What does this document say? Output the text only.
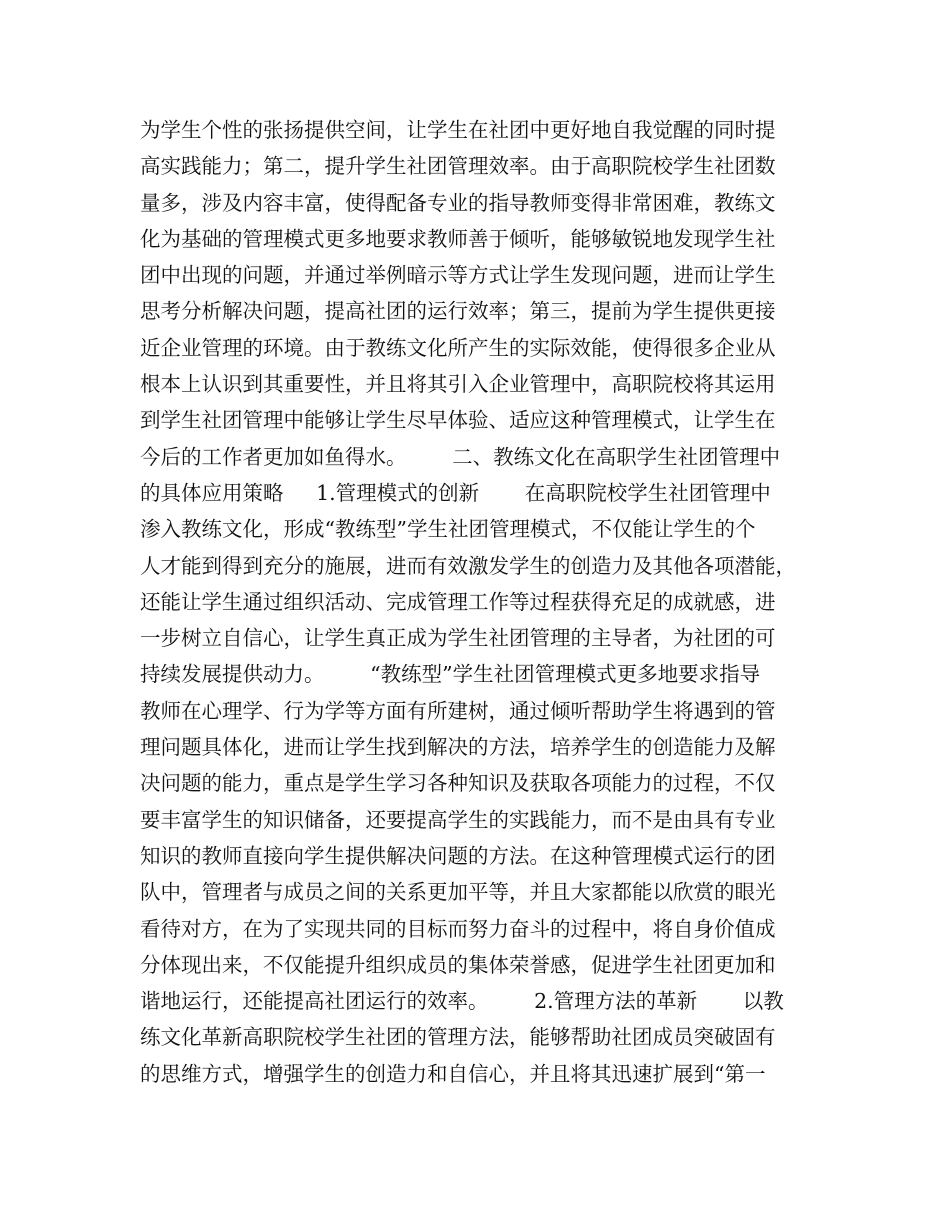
为学生个性的张扬提供空间，让学生在社团中更好地自我觉醒的同时提
高实践能力；第二，提升学生社团管理效率。由于高职院校学生社团数
量多，涉及内容丰富，使得配备专业的指导教师变得非常困难，教练文
化为基础的管理模式更多地要求教师善于倾听，能够敏锐地发现学生社
团中出现的问题，并通过举例暗示等方式让学生发现问题，进而让学生
思考分析解决问题，提高社团的运行效率；第三，提前为学生提供更接
近企业管理的环境。由于教练文化所产生的实际效能，使得很多企业从
根本上认识到其重要性，并且将其引入企业管理中，高职院校将其运用
到学生社团管理中能够让学生尽早体验、适应这种管理模式，让学生在
今后的工作者更加如鱼得水。       二、教练文化在高职学生社团管理中
的具体应用策略     1.管理模式的创新       在高职院校学生社团管理中
渗入教练文化，形成“教练型”学生社团管理模式，不仅能让学生的个
人才能到得到充分的施展，进而有效激发学生的创造力及其他各项潜能，
还能让学生通过组织活动、完成管理工作等过程获得充足的成就感，进
一步树立自信心，让学生真正成为学生社团管理的主导者，为社团的可
持续发展提供动力。       “教练型”学生社团管理模式更多地要求指导
教师在心理学、行为学等方面有所建树，通过倾听帮助学生将遇到的管
理问题具体化，进而让学生找到解决的方法，培养学生的创造能力及解
决问题的能力，重点是学生学习各种知识及获取各项能力的过程，不仅
要丰富学生的知识储备，还要提高学生的实践能力，而不是由具有专业
知识的教师直接向学生提供解决问题的方法。在这种管理模式运行的团
队中，管理者与成员之间的关系更加平等，并且大家都能以欣赏的眼光
看待对方，在为了实现共同的目标而努力奋斗的过程中，将自身价值成
分体现出来，不仅能提升组织成员的集体荣誉感，促进学生社团更加和
谐地运行，还能提高社团运行的效率。       2.管理方法的革新       以教
练文化革新高职院校学生社团的管理方法，能够帮助社团成员突破固有
的思维方式，增强学生的创造力和自信心，并且将其迅速扩展到“第一
